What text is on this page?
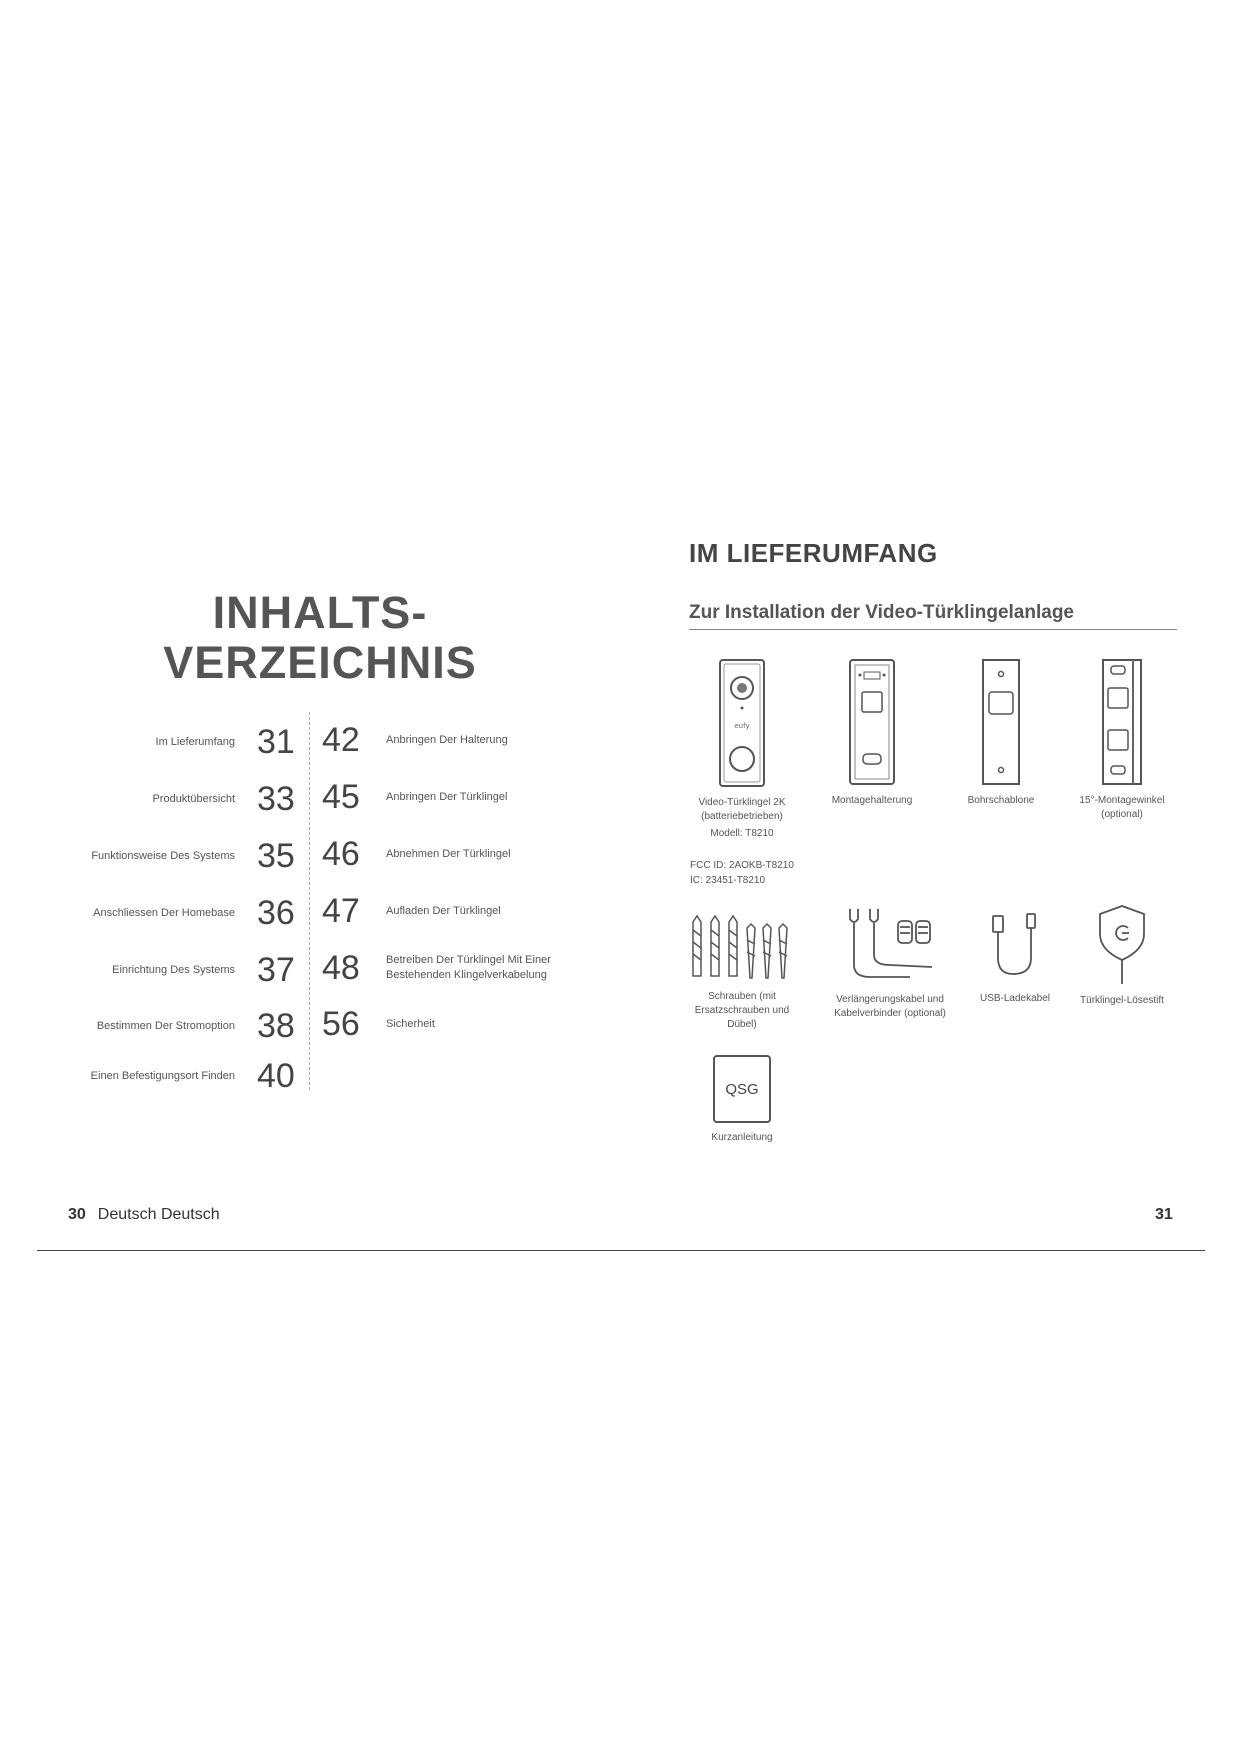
INHALTS-
VERZEICHNIS
Im Lieferumfang 31
Produktübersicht 33
Funktionsweise Des Systems 35
Anschliessen Der Homebase 36
Einrichtung Des Systems 37
Bestimmen Der Stromoption 38
Einen Befestigungsort Finden 40
42	Anbringen Der Halterung
45	Anbringen Der Türklingel
46	Abnehmen Der Türklingel
47	Aufladen Der Türklingel
48	Betreiben Der Türklingel Mit Einer Bestehenden Klingelverkabelung
56	Sicherheit
30 Deutsch Deutsch	31
IM LIEFERUMFANG
Zur Installation der Video-Türklingelanlage
eufy
Video-Türklingel 2K (batteriebetrieben)
Modell: T8210
Montagehalterung	Bohrschablone	15°-Montagewinkel (optional)
FCC ID: 2AOKB-T8210
IC: 23451-T8210
Schrauben (mit Ersatzschrauben und Dübel)
Verlängerungskabel und Kabelverbinder (optional)
USB-Ladekabel	Türklingel-Lösestift
QSG
Kurzanleitung
